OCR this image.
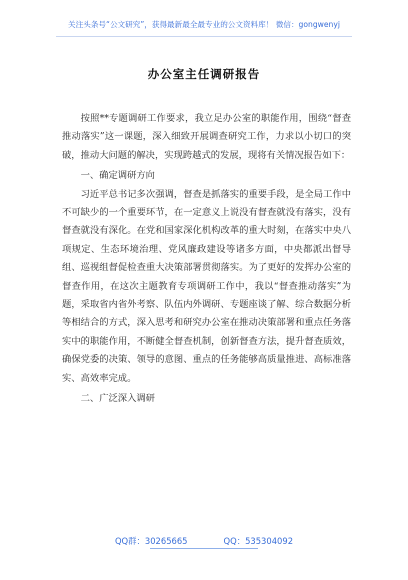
关注头条号“公文研究”，获得最新最全最专业的公文资料库！ 微信：gongwenyj
办公室主任调研报告

按照**专题调研工作要求，我立足办公室的职能作用，围绕“督查推动落实”这一课题，深入细致开展调查研究工作，力求以小切口的突破，推动大问题的解决，实现跨越式的发展，现将有关情况报告如下：

一、确定调研方向

习近平总书记多次强调，督查是抓落实的重要手段，是全局工作中不可缺少的一个重要环节，在一定意义上说没有督查就没有落实，没有督查就没有深化。在党和国家深化机构改革的重大时刻，在落实中央八项规定、生态环境治理、党风廉政建设等诸多方面，中央都派出督导组、巡视组督促检查重大决策部署贯彻落实。为了更好的发挥办公室的督查作用，在这次主题教育专项调研工作中，我以“督查推动落实”为题，采取省内省外考察、队伍内外调研、专题座谈了解、综合数据分析等相结合的方式，深入思考和研究办公室在推动决策部署和重点任务落实中的职能作用，不断健全督查机制，创新督查方法，提升督查质效，确保党委的决策、领导的意图、重点的任务能够高质量推进、高标准落实、高效率完成。

二、广泛深入调研

QQ群：30265665	QQ：535304092
